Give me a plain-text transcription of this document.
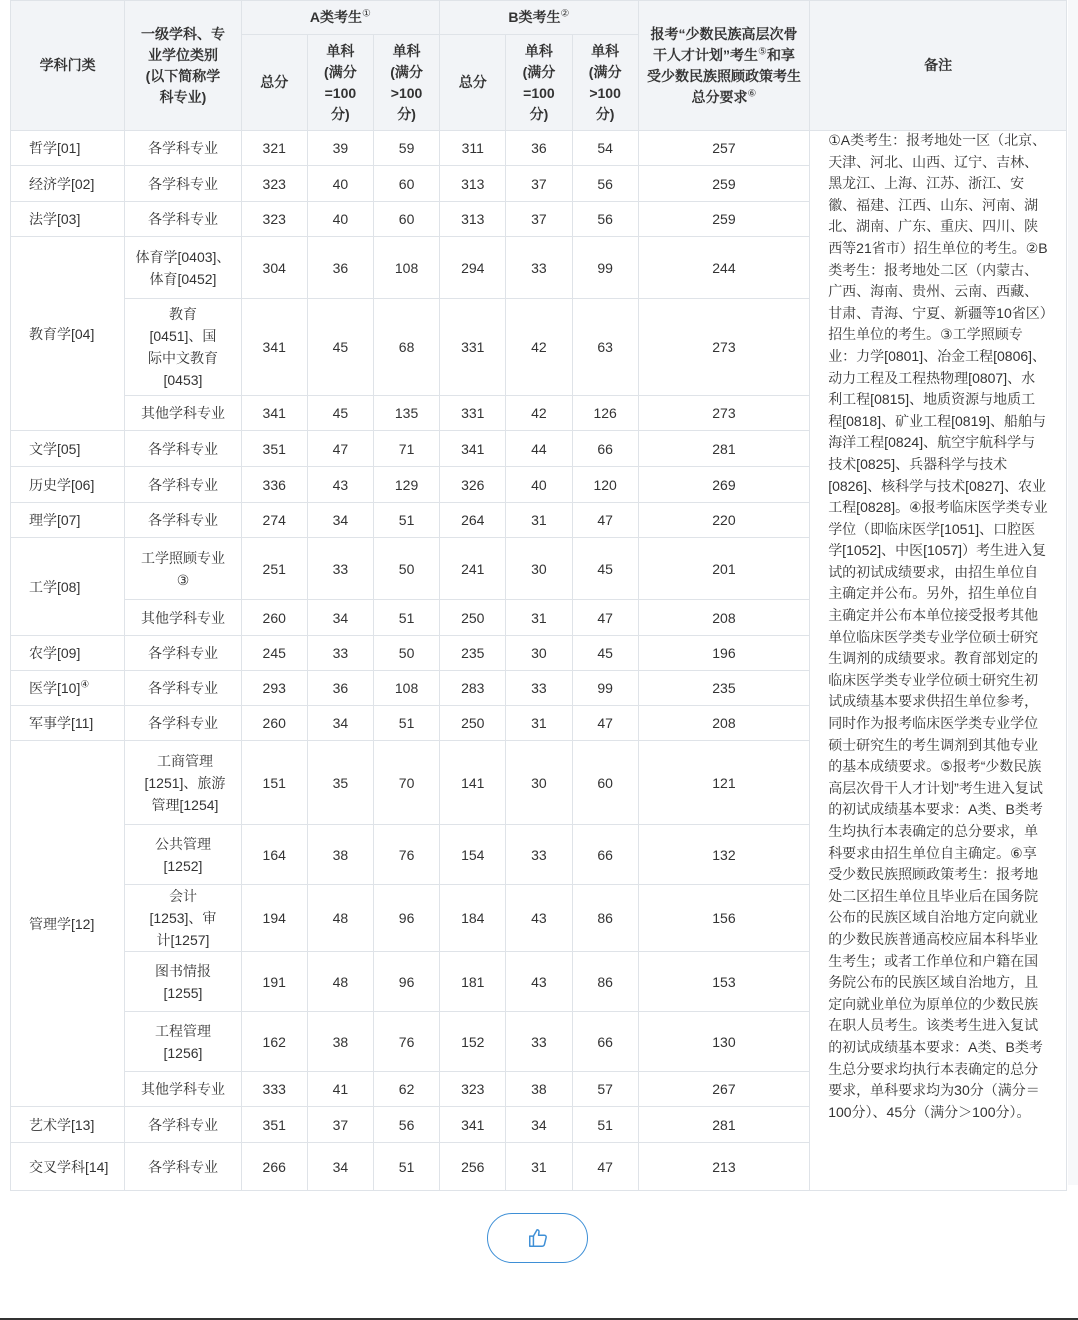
学科门类	一级学科、专业学位类别(以下简称学科专业)	A类考生①			B类考生②			报考“少数民族高层次骨干人才计划”考生⑤和享受少数民族照顾政策考生总分要求⑥	备注
		总分	单科(满分=100分)	单科(满分>100分)	总分	单科(满分=100分)	单科(满分>100分)		
哲学[01]	各学科专业	321	39	59	311	36	54	257	①A类考生：报考地处一区（北京、天津、河北、山西、辽宁、吉林、黑龙江、上海、江苏、浙江、安徽、福建、江西、山东、河南、湖北、湖南、广东、重庆、四川、陕西等21省市）招生单位的考生。②B类考生：报考地处二区（内蒙古、广西、海南、贵州、云南、西藏、甘肃、青海、宁夏、新疆等10省区）招生单位的考生。③工学照顾专业：力学[0801]、冶金工程[0806]、动力工程及工程热物理[0807]、水利工程[0815]、地质资源与地质工程[0818]、矿业工程[0819]、船舶与海洋工程[0824]、航空宇航科学与技术[0825]、兵器科学与技术[0826]、核科学与技术[0827]、农业工程[0828]。④报考临床医学类专业学位（即临床医学[1051]、口腔医学[1052]、中医[1057]）考生进入复试的初试成绩要求，由招生单位自主确定并公布。另外，招生单位自主确定并公布本单位接受报考其他单位临床医学类专业学位硕士研究生调剂的成绩要求。教育部划定的临床医学类专业学位硕士研究生初试成绩基本要求供招生单位参考，同时作为报考临床医学类专业学位硕士研究生的考生调剂到其他专业的基本成绩要求。⑤报考“少数民族高层次骨干人才计划”考生进入复试的初试成绩基本要求：A类、B类考生均执行本表确定的总分要求，单科要求由招生单位自主确定。⑥享受少数民族照顾政策考生：报考地处二区招生单位且毕业后在国务院公布的民族区域自治地方定向就业的少数民族普通高校应届本科毕业生考生；或者工作单位和户籍在国务院公布的民族区域自治地方，且定向就业单位为原单位的少数民族在职人员考生。该类考生进入复试的初试成绩基本要求：A类、B类考生总分要求均执行本表确定的总分要求，单科要求均为30分（满分＝100分）、45分（满分＞100分）。

经济学[02]	各学科专业	323	40	60	313	37	56	259	
法学[03]	各学科专业	323	40	60	313	37	56	259	
教育学[04]	体育学[0403]、体育[0452]	304	36	108	294	33	99	244	
	教育[0451]、国际中文教育[0453]	341	45	68	331	42	63	273	
	其他学科专业	341	45	135	331	42	126	273	
文学[05]	各学科专业	351	47	71	341	44	66	281	
历史学[06]	各学科专业	336	43	129	326	40	120	269	
理学[07]	各学科专业	274	34	51	264	31	47	220	
工学[08]	工学照顾专业③	251	33	50	241	30	45	201	
	其他学科专业	260	34	51	250	31	47	208	
农学[09]	各学科专业	245	33	50	235	30	45	196	
医学[10]④	各学科专业	293	36	108	283	33	99	235	
军事学[11]	各学科专业	260	34	51	250	31	47	208	
管理学[12]	工商管理[1251]、旅游管理[1254]	151	35	70	141	30	60	121	
	公共管理[1252]	164	38	76	154	33	66	132	
	会计[1253]、审计[1257]	194	48	96	184	43	86	156	
	图书情报[1255]	191	48	96	181	43	86	153	
	工程管理[1256]	162	38	76	152	33	66	130	
	其他学科专业	333	41	62	323	38	57	267	
艺术学[13]	各学科专业	351	37	56	341	34	51	281	
交叉学科[14]	各学科专业	266	34	51	256	31	47	213	
